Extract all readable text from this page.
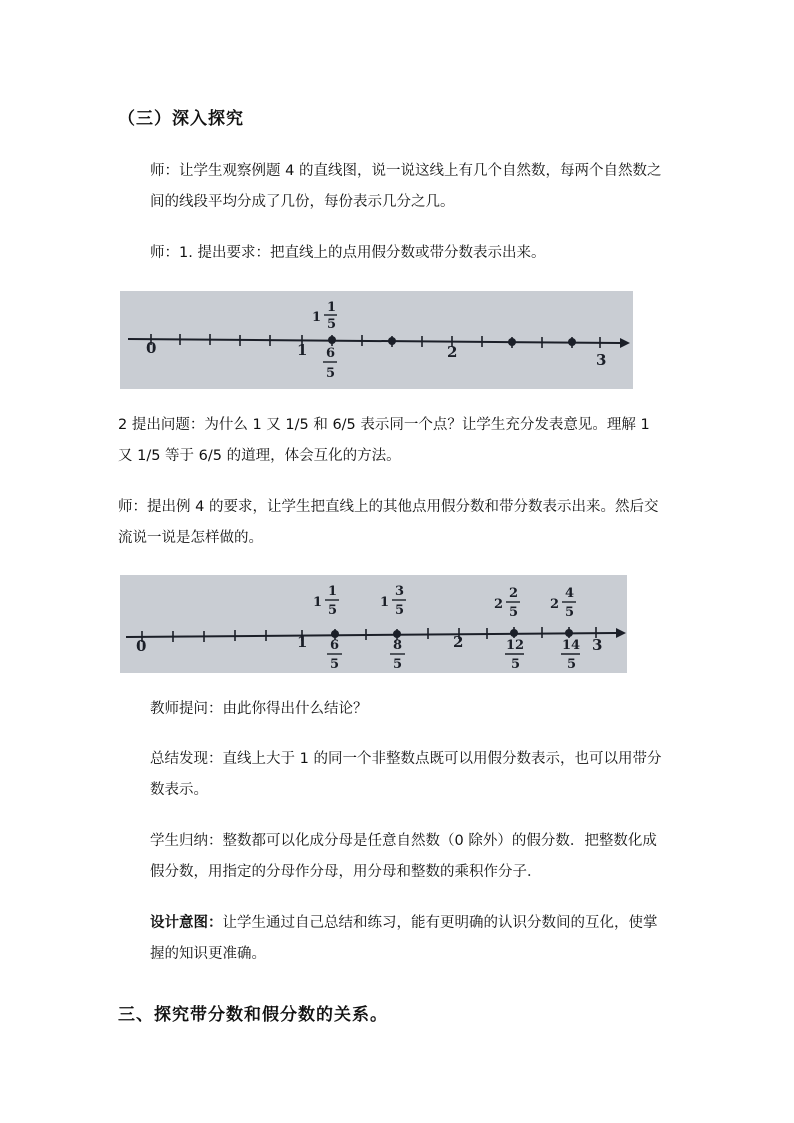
（三）深入探究
师：让学生观察例题 4 的直线图，说一说这线上有几个自然数，每两个自然数之间的线段平均分成了几份，每份表示几分之几。
师：1. 提出要求：把直线上的点用假分数或带分数表示出来。
0	1	2	3
1
1
5
6
5
2 提出问题：为什么 1 又 1/5 和 6/5 表示同一个点？让学生充分发表意见。理解 1 又 1/5 等于 6/5 的道理，体会互化的方法。
师：提出例 4 的要求，让学生把直线上的其他点用假分数和带分数表示出来。然后交流说一说是怎样做的。
0	1	2	3
1
1
5
1
3
5	2
2
5
2
4
5
6
5
8
5
12
5
14
5
教师提问：由此你得出什么结论？
总结发现：直线上大于 1 的同一个非整数点既可以用假分数表示，也可以用带分数表示。
学生归纳：整数都可以化成分母是任意自然数（0 除外）的假分数．把整数化成假分数，用指定的分母作分母，用分母和整数的乘积作分子．
设计意图：让学生通过自己总结和练习，能有更明确的认识分数间的互化，使掌握的知识更准确。
三、探究带分数和假分数的关系。
